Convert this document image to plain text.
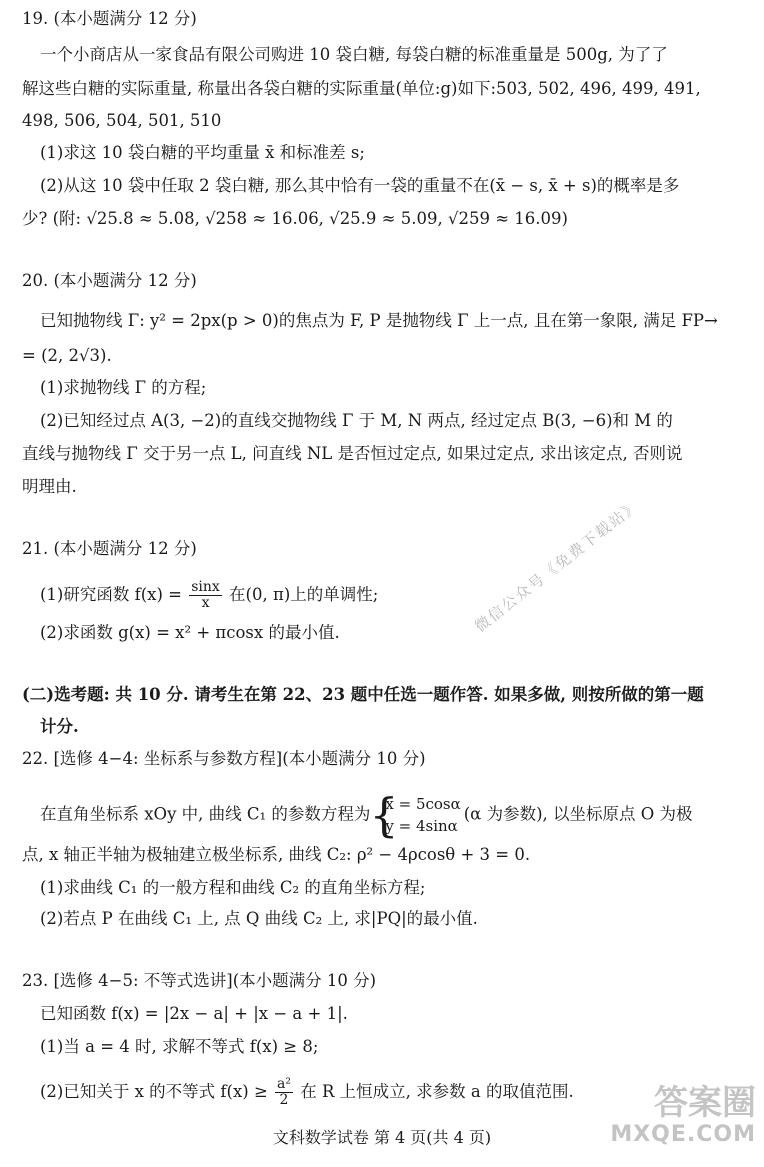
19. (本小题满分 12 分)
一个小商店从一家食品有限公司购进 10 袋白糖, 每袋白糖的标准重量是 500g, 为了了
解这些白糖的实际重量, 称量出各袋白糖的实际重量(单位:g)如下:503, 502, 496, 499, 491,
498, 506, 504, 501, 510
(1)求这 10 袋白糖的平均重量 x̄ 和标准差 s;
(2)从这 10 袋中任取 2 袋白糖, 那么其中恰有一袋的重量不在(x̄ − s, x̄ + s)的概率是多
少? (附: √25.8 ≈ 5.08, √258 ≈ 16.06, √25.9 ≈ 5.09, √259 ≈ 16.09)
20. (本小题满分 12 分)
已知抛物线 Γ: y² = 2px(p > 0)的焦点为 F, P 是抛物线 Γ 上一点, 且在第一象限, 满足 FP→
= (2, 2√3).
(1)求抛物线 Γ 的方程;
(2)已知经过点 A(3, −2)的直线交抛物线 Γ 于 M, N 两点, 经过定点 B(3, −6)和 M 的
直线与抛物线 Γ 交于另一点 L, 问直线 NL 是否恒过定点, 如果过定点, 求出该定点, 否则说
明理由.
21. (本小题满分 12 分)
(1)研究函数 $f(x) = \frac{\sin x}{x}$ 在(0, π)上的单调性;
(2)求函数 g(x) = x² + πcosx 的最小值.
(二)选考题: 共 10 分. 请考生在第 22、23 题中任选一题作答. 如果多做, 则按所做的第一题
计分.
22. [选修 4−4: 坐标系与参数方程](本小题满分 10 分)
在直角坐标系 xOy 中, 曲线 C₁ 的参数方程为
{ x = 5cosα
y = 4sinα
(α 为参数), 以坐标原点 O 为极
点, x 轴正半轴为极轴建立极坐标系, 曲线 C₂: ρ² − 4ρcosθ + 3 = 0.
(1)求曲线 C₁ 的一般方程和曲线 C₂ 的直角坐标方程;
(2)若点 P 在曲线 C₁ 上, 点 Q 曲线 C₂ 上, 求|PQ|的最小值.
23. [选修 4−5: 不等式选讲](本小题满分 10 分)
已知函数 f(x) = |2x − a| + |x − a + 1|.
(1)当 a = 4 时, 求解不等式 f(x) ≥ 8;
(2)已知关于 x 的不等式 $f(x) \ge \frac{\text{a²}}{2}$ 在 R 上恒成立, 求参数 a 的取值范围.
微信公众号《免费下载站》
答案圈
MXQE.COM
文科数学试卷 第 4 页(共 4 页)
